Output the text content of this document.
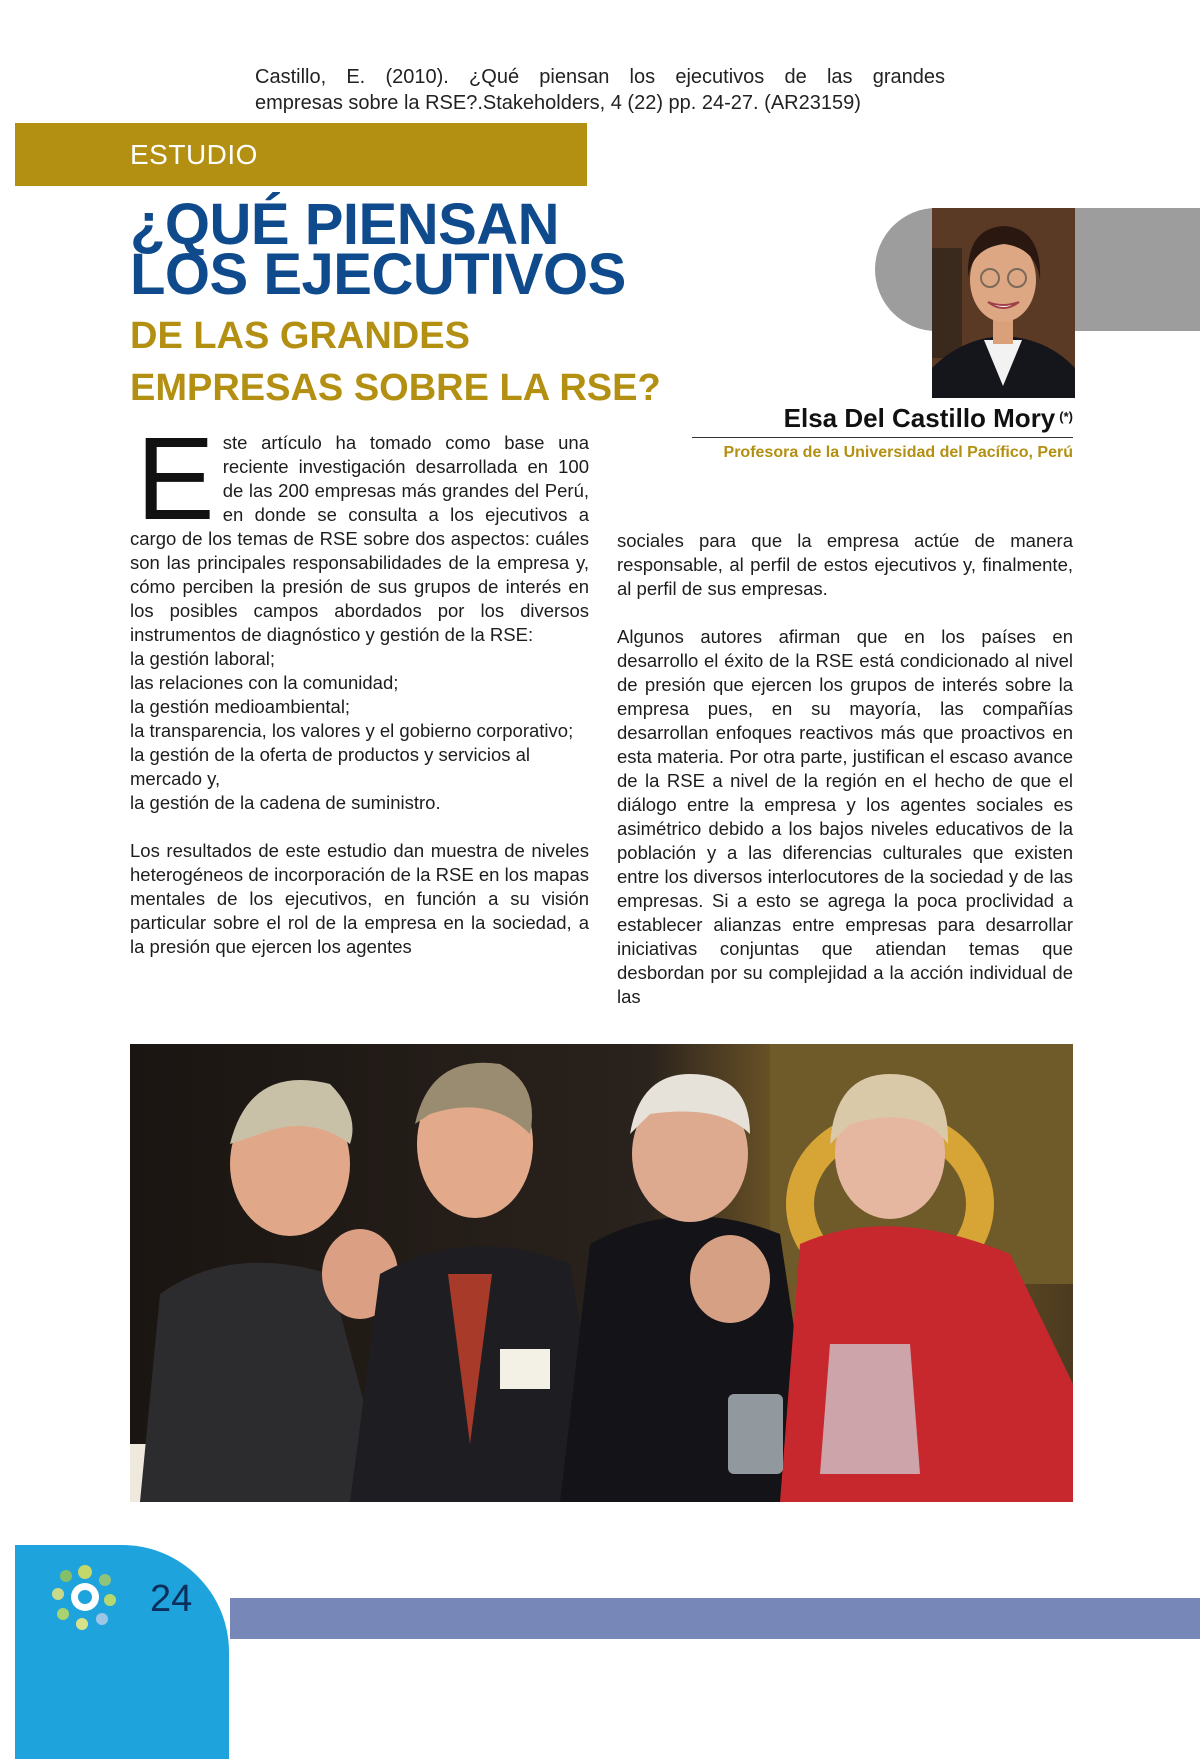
Castillo, E. (2010). ¿Qué piensan los ejecutivos de las grandes
empresas sobre la RSE?.Stakeholders, 4 (22) pp. 24-27. (AR23159)
ESTUDIO
¿QUÉ PIENSAN
LOS EJECUTIVOS
DE LAS GRANDES
EMPRESAS SOBRE LA RSE?
Elsa Del Castillo Mory (*)
Profesora de la Universidad del Pacífico, Perú

Este artículo ha tomado como base una reciente investigación desarrollada en 100 de las 200 empresas más grandes del Perú, en donde se consulta a los ejecutivos a cargo de los temas de RSE sobre dos aspectos: cuáles son las principales responsabilidades de la empresa y, cómo perciben la presión de sus grupos de interés en los posibles campos abordados por los diversos instrumentos de diagnóstico y gestión de la RSE:

la gestión laboral;
las relaciones con la comunidad;
la gestión medioambiental;
la transparencia, los valores y el gobierno corporativo;
la gestión de la oferta de productos y servicios al mercado y,
la gestión de la cadena de suministro.

Los resultados de este estudio dan muestra de niveles heterogéneos de incorporación de la RSE en los mapas mentales de los ejecutivos, en función a su visión particular sobre el rol de la empresa en la sociedad, a la presión que ejercen los agentes

sociales para que la empresa actúe de manera responsable, al perfil de estos ejecutivos y, finalmente, al perfil de sus empresas.

Algunos autores afirman que en los países en desarrollo el éxito de la RSE está condicionado al nivel de presión que ejercen los grupos de interés sobre la empresa pues, en su mayoría, las compañías desarrollan enfoques reactivos más que proactivos en esta materia. Por otra parte, justifican el escaso avance de la RSE a nivel de la región en el hecho de que el diálogo entre la empresa y los agentes sociales es asimétrico debido a los bajos niveles educativos de la población y a las diferencias culturales que existen entre los diversos interlocutores de la sociedad y de las empresas. Si a esto se agrega la poca proclividad a establecer alianzas entre empresas para desarrollar iniciativas conjuntas que atiendan temas que desbordan por su complejidad a la acción individual de las

24
